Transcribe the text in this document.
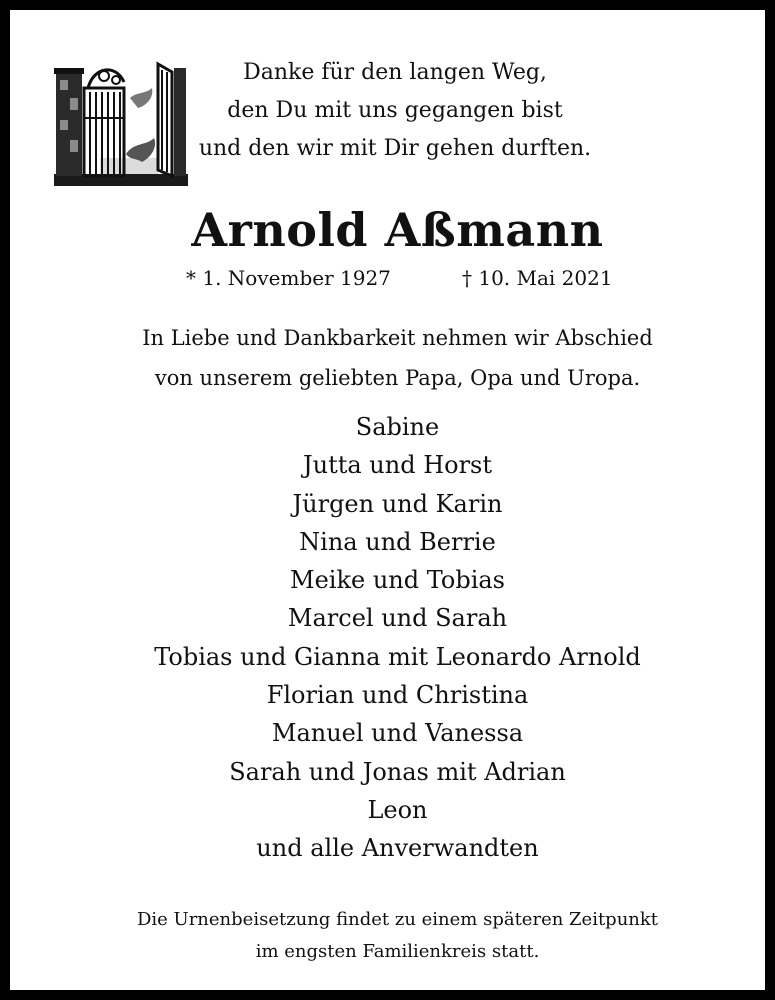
Danke für den langen Weg,
den Du mit uns gegangen bist
und den wir mit Dir gehen durften.
Arnold Aßmann
* 1. November 1927	† 10. Mai 2021
In Liebe und Dankbarkeit nehmen wir Abschied
von unserem geliebten Papa, Opa und Uropa.
Sabine
Jutta und Horst
Jürgen und Karin
Nina und Berrie
Meike und Tobias
Marcel und Sarah
Tobias und Gianna mit Leonardo Arnold
Florian und Christina
Manuel und Vanessa
Sarah und Jonas mit Adrian
Leon
und alle Anverwandten
Die Urnenbeisetzung findet zu einem späteren Zeitpunkt
im engsten Familienkreis statt.
